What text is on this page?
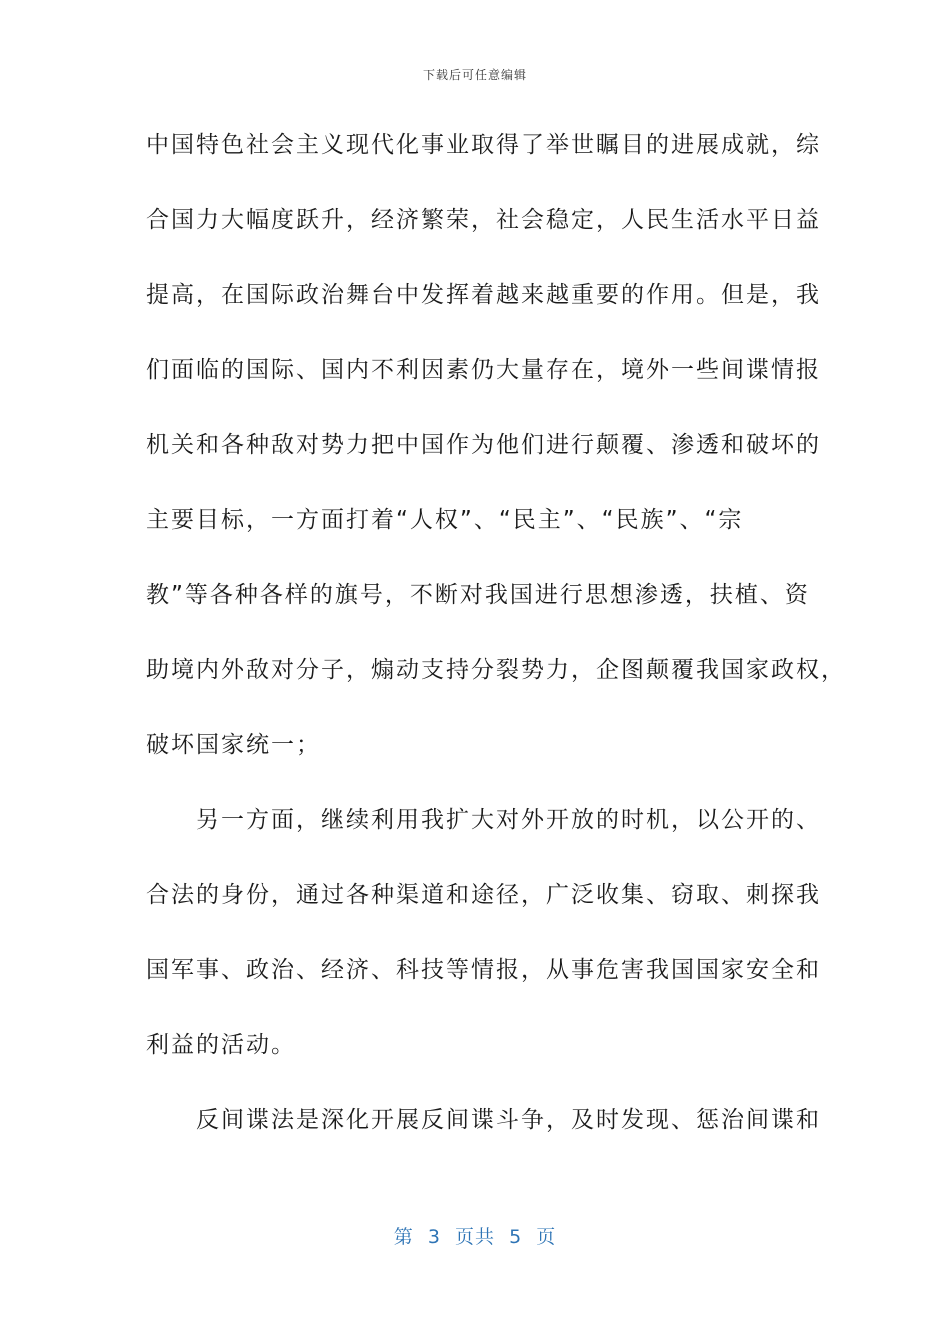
下载后可任意编辑
中国特色社会主义现代化事业取得了举世瞩目的进展成就，综
合国力大幅度跃升，经济繁荣，社会稳定，人民生活水平日益
提高，在国际政治舞台中发挥着越来越重要的作用。但是，我
们面临的国际、国内不利因素仍大量存在，境外一些间谍情报
机关和各种敌对势力把中国作为他们进行颠覆、渗透和破坏的
主要目标，一方面打着“人权”、“民主”、“民族”、“宗
教”等各种各样的旗号，不断对我国进行思想渗透，扶植、资
助境内外敌对分子，煽动支持分裂势力，企图颠覆我国家政权，
破坏国家统一；
　　另一方面，继续利用我扩大对外开放的时机，以公开的、
合法的身份，通过各种渠道和途径，广泛收集、窃取、刺探我
国军事、政治、经济、科技等情报，从事危害我国国家安全和
利益的活动。
　　反间谍法是深化开展反间谍斗争，及时发现、惩治间谍和
第  3  页共  5  页
